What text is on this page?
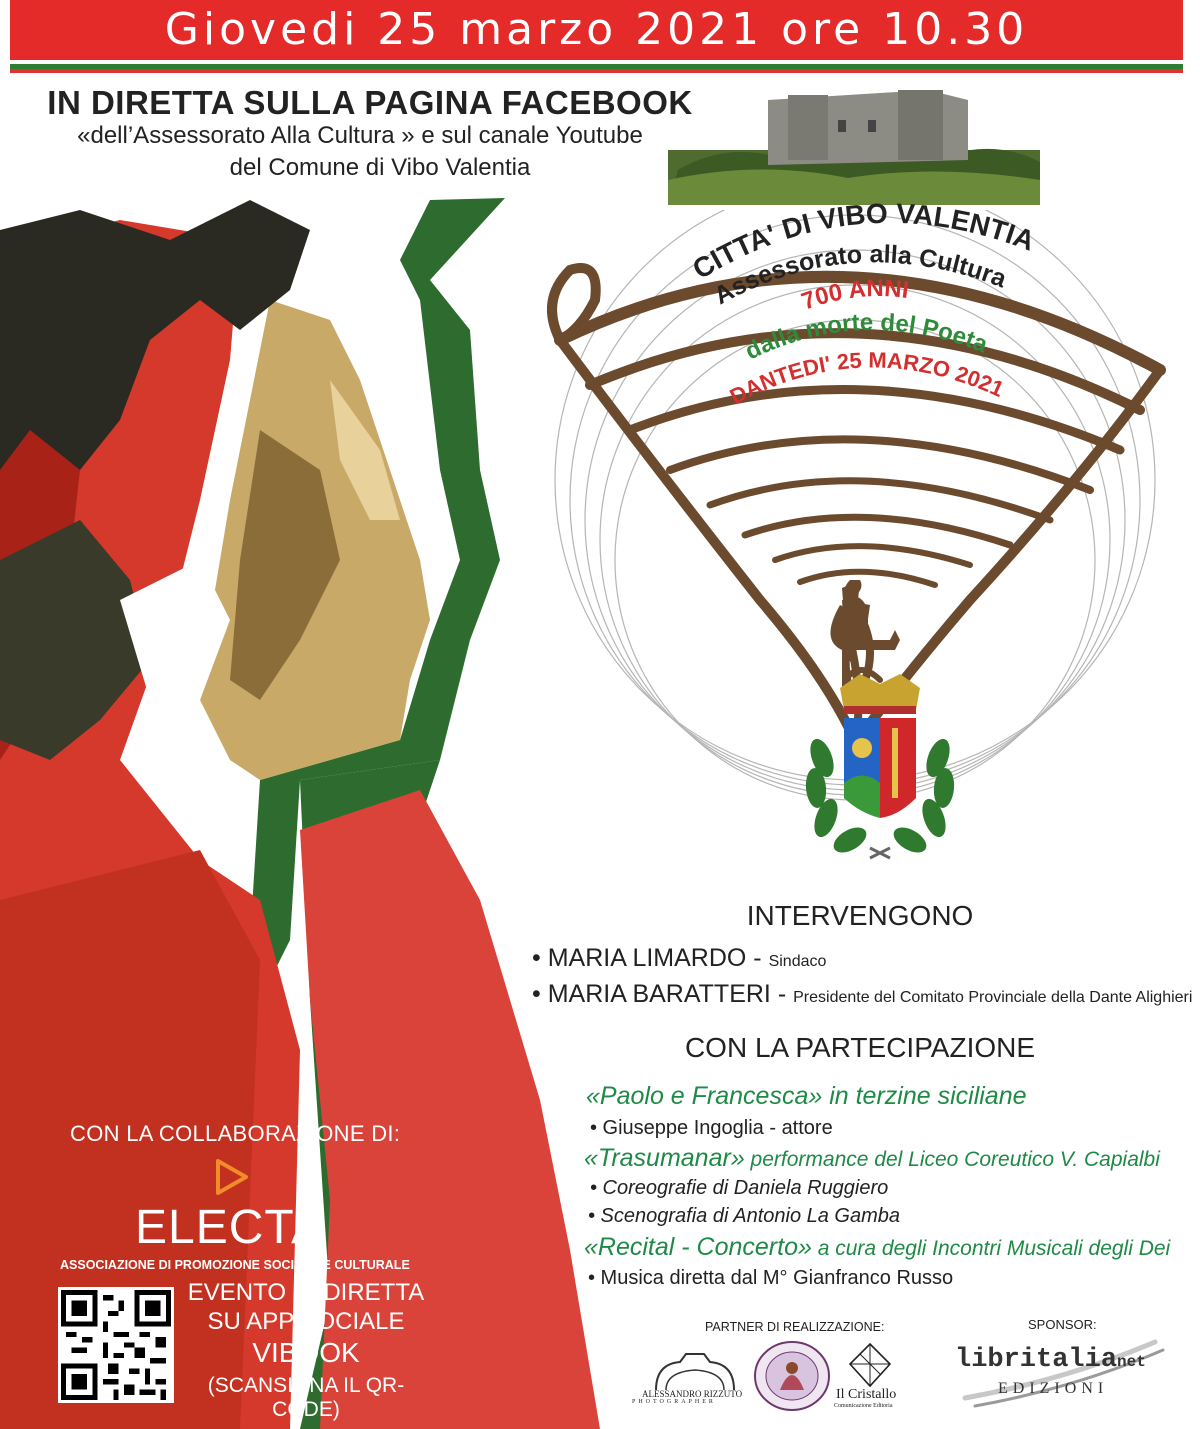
Giovedi 25 marzo 2021 ore 10.30
IN DIRETTA SULLA PAGINA FACEBOOK
«dell’Assessorato Alla Cultura » e sul canale Youtube
del Comune di Vibo Valentia
CITTA' DI VIBO VALENTIA
Assessorato alla Cultura
700 ANNI
dalla morte del Poeta
DANTEDI' 25 MARZO 2021
INTERVENGONO
• MARIA LIMARDO - Sindaco
• MARIA BARATTERI - Presidente del Comitato Provinciale della Dante Alighieri
CON LA PARTECIPAZIONE
«Paolo e Francesca» in terzine siciliane
• Giuseppe Ingoglia - attore
«Trasumanar» performance del Liceo Coreutico V. Capialbi
• Coreografie di Daniela Ruggiero
• Scenografia di Antonio La Gamba
«Recital - Concerto» a cura degli Incontri Musicali degli Dei
• Musica diretta dal M° Gianfranco Russo
CON LA COLLABORAZIONE DI:
ELECTA
ASSOCIAZIONE DI PROMOZIONE SOCIALE E CULTURALE
EVENTO IN DIRETTA
SU APP SOCIALE
VIBOOK
(SCANSIONA IL QR-CODE)
PARTNER DI REALIZZAZIONE:
ALESSANDRO RIZZUTO
PHOTOGRAPHER	Il Cristallo
Comunicazione Editoria
SPONSOR:
libritalianet
EDIZIONI
